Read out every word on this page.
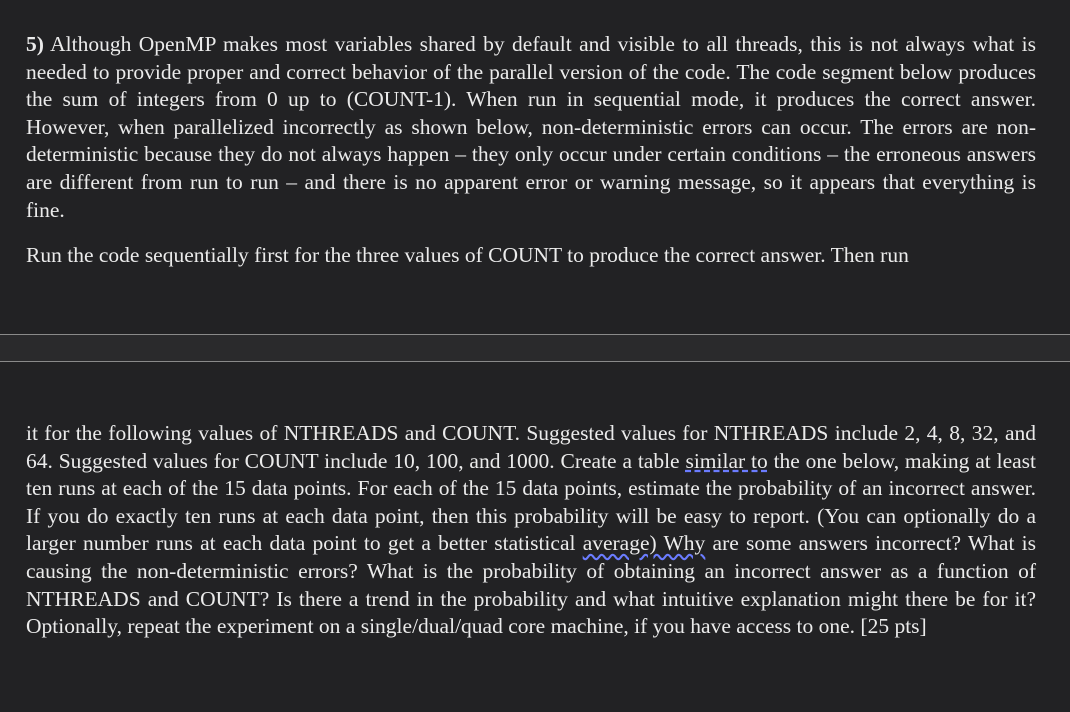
5) Although OpenMP makes most variables shared by default and visible to all threads, this is not always what is needed to provide proper and correct behavior of the parallel version of the code. The code segment below produces the sum of integers from 0 up to (COUNT-1). When run in sequential mode, it produces the correct answer. However, when parallelized incorrectly as shown below, non-deterministic errors can occur. The errors are non-deterministic because they do not always happen – they only occur under certain conditions – the erroneous answers are different from run to run – and there is no apparent error or warning message, so it appears that everything is fine.

Run the code sequentially first for the three values of COUNT to produce the correct answer. Then run

it for the following values of NTHREADS and COUNT. Suggested values for NTHREADS include 2, 4, 8, 32, and 64. Suggested values for COUNT include 10, 100, and 1000. Create a table similar to the one below, making at least ten runs at each of the 15 data points. For each of the 15 data points, estimate the probability of an incorrect answer. If you do exactly ten runs at each data point, then this probability will be easy to report. (You can optionally do a larger number runs at each data point to get a better statistical average) Why are some answers incorrect? What is causing the non-deterministic errors? What is the probability of obtaining an incorrect answer as a function of NTHREADS and COUNT? Is there a trend in the probability and what intuitive explanation might there be for it? Optionally, repeat the experiment on a single/dual/quad core machine, if you have access to one. [25 pts]
